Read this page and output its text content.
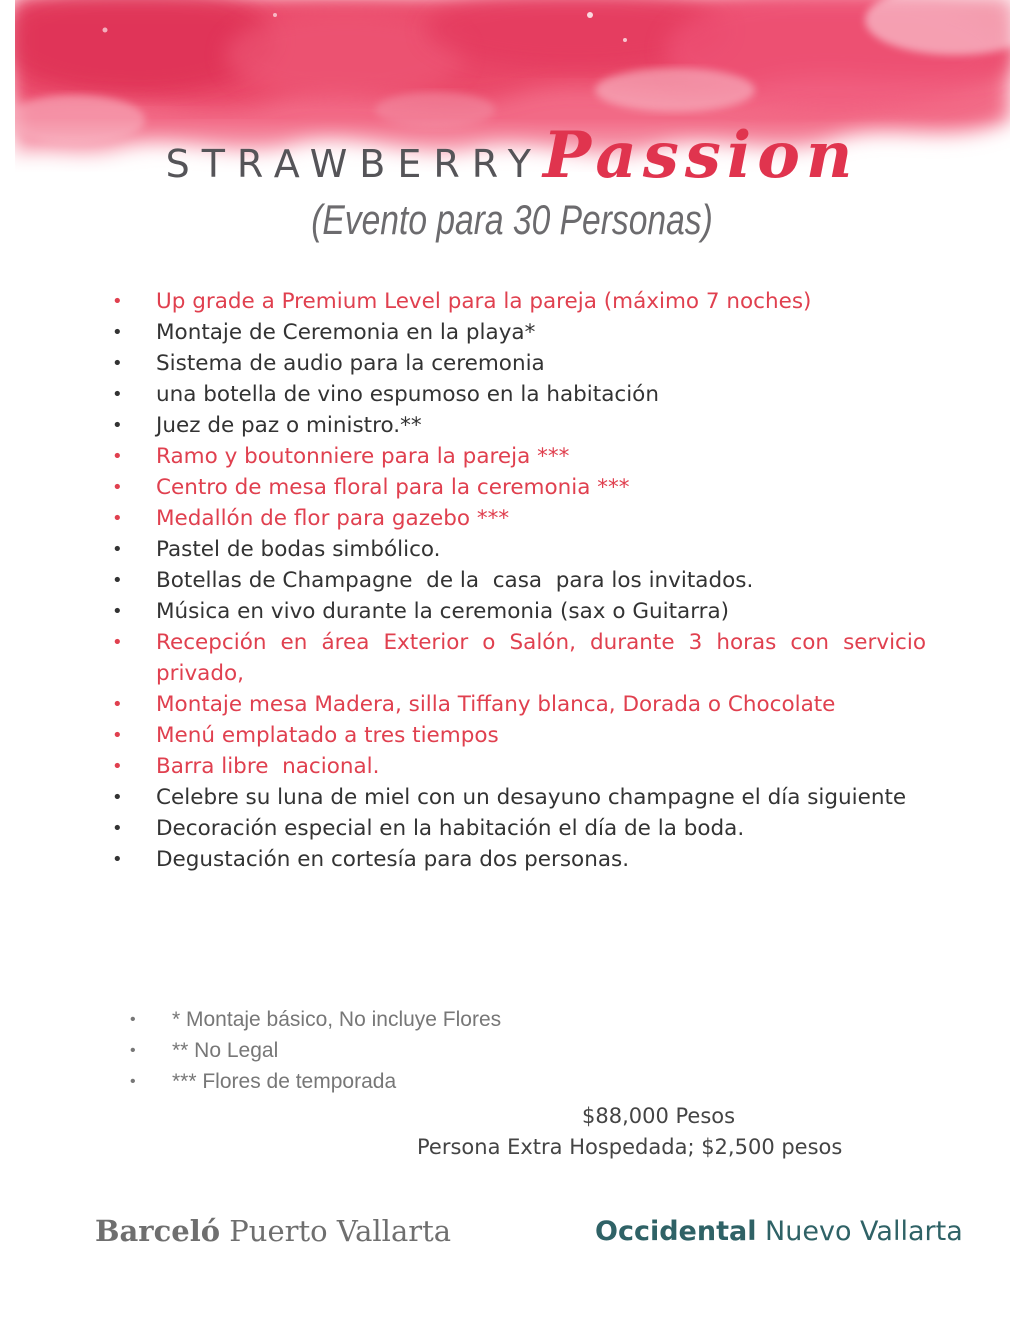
STRAWBERRYPassion
(Evento para 30 Personas)
•	Up grade a Premium Level para la pareja (máximo 7 noches)
•	Montaje de Ceremonia en la playa*
•	Sistema de audio para la ceremonia
•	una botella de vino espumoso en la habitación
•	Juez de paz o ministro.**
•	Ramo y boutonniere para la pareja ***
•	Centro de mesa floral para la ceremonia ***
•	Medallón de flor para gazebo ***
•	Pastel de bodas simbólico.
•	Botellas de Champagne  de la  casa  para los invitados.
•	Música en vivo durante la ceremonia (sax o Guitarra)
•	Recepción en área Exterior o Salón, durante 3 horas con servicio privado,
•	Montaje mesa Madera, silla Tiffany blanca, Dorada o Chocolate
•	Menú emplatado a tres tiempos
•	Barra libre  nacional.
•	Celebre su luna de miel con un desayuno champagne el día siguiente
•	Decoración especial en la habitación el día de la boda.
•	Degustación en cortesía para dos personas.
• * Montaje básico, No incluye Flores
• ** No Legal
• *** Flores de temporada
$88,000 Pesos
Persona Extra Hospedada; $2,500 pesos
Barceló Puerto Vallarta	Occidental Nuevo Vallarta
